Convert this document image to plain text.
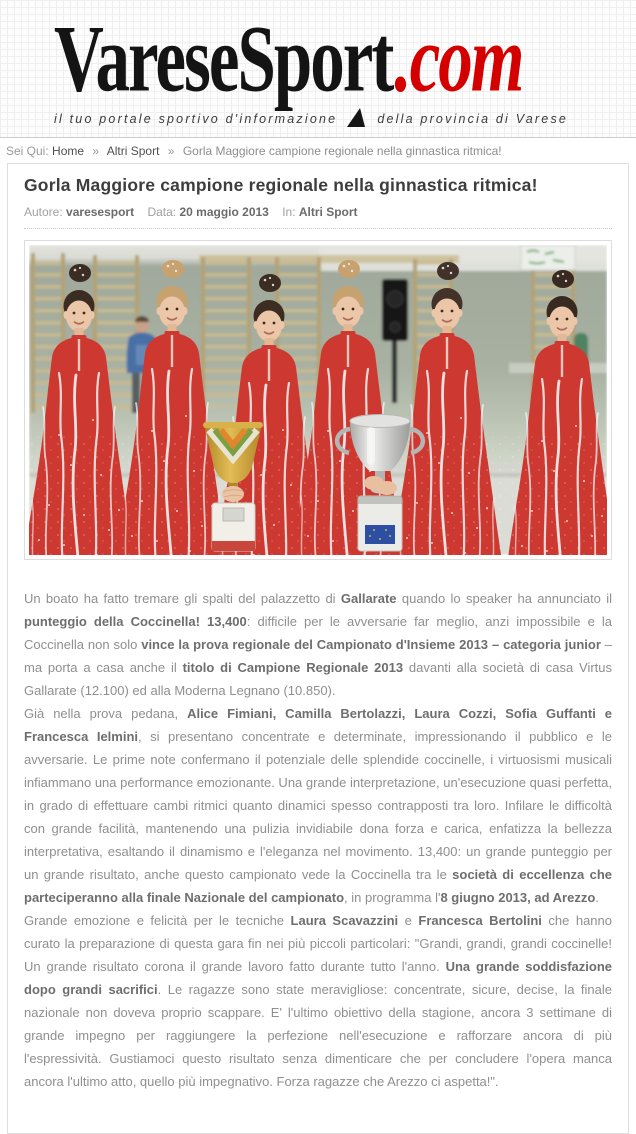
VareseSport .com
il tuo portale sportivo d'informazione	della provincia di Varese
Sei Qui: Home » Altri Sport » Gorla Maggiore campione regionale nella ginnastica ritmica!
Gorla Maggiore campione regionale nella ginnastica ritmica!
Autore: varesesport Data: 20 maggio 2013 In: Altri Sport

Un boato ha fatto tremare gli spalti del palazzetto di Gallarate quando lo speaker ha annunciato il punteggio della Coccinella! 13,400: difficile per le avversarie far meglio, anzi impossibile e la Coccinella non solo vince la prova regionale del Campionato d'Insieme 2013 – categoria junior – ma porta a casa anche il titolo di Campione Regionale 2013 davanti alla società di casa Virtus Gallarate (12.100) ed alla Moderna Legnano (10.850).

Già nella prova pedana, Alice Fimiani, Camilla Bertolazzi, Laura Cozzi, Sofia Guffanti e Francesca Ielmini, si presentano concentrate e determinate, impressionando il pubblico e le avversarie. Le prime note confermano il potenziale delle splendide coccinelle, i virtuosismi musicali infiammano una performance emozionante. Una grande interpretazione, un'esecuzione quasi perfetta, in grado di effettuare cambi ritmici quanto dinamici spesso contrapposti tra loro. Infilare le difficoltà con grande facilità, mantenendo una pulizia invidiabile dona forza e carica, enfatizza la bellezza interpretativa, esaltando il dinamismo e l'eleganza nel movimento. 13,400: un grande punteggio per un grande risultato, anche questo campionato vede la Coccinella tra le società di eccellenza che parteciperanno alla finale Nazionale del campionato, in programma l'8 giugno 2013, ad Arezzo.

Grande emozione e felicità per le tecniche Laura Scavazzini e Francesca Bertolini che hanno curato la preparazione di questa gara fin nei più piccoli particolari: "Grandi, grandi, grandi coccinelle! Un grande risultato corona il grande lavoro fatto durante tutto l'anno. Una grande soddisfazione dopo grandi sacrifici. Le ragazze sono state meravigliose: concentrate, sicure, decise, la finale nazionale non doveva proprio scappare. E' l'ultimo obiettivo della stagione, ancora 3 settimane di grande impegno per raggiungere la perfezione nell'esecuzione e rafforzare ancora di più l'espressività. Gustiamoci questo risultato senza dimenticare che per concludere l'opera manca ancora l'ultimo atto, quello più impegnativo. Forza ragazze che Arezzo ci aspetta!".
